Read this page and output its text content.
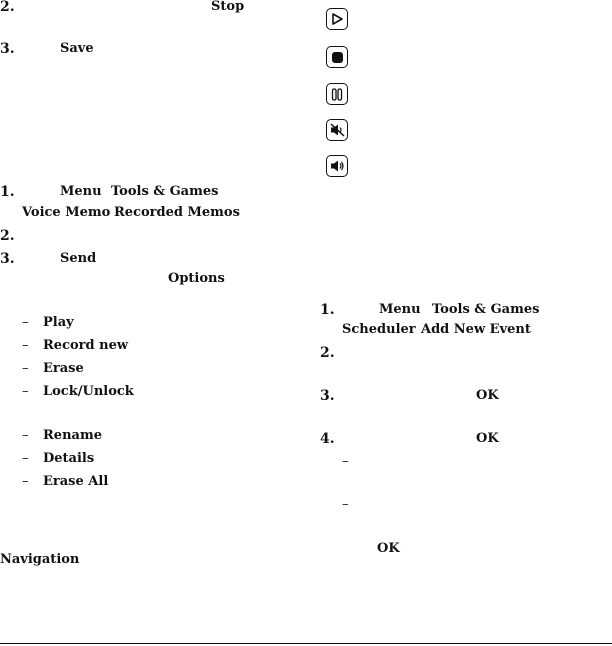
2.	Stop
3.	Save
1.	Menu Tools & Games
Voice Memo Recorded Memos
2.
3.	Send
Options
– Play
– Record new
– Erase
– Lock/Unlock
– Rename
– Details
– Erase All
Navigation
1.	Menu Tools & Games
Scheduler Add New Event
2.
3.	OK
4.	OK
–
–
OK
